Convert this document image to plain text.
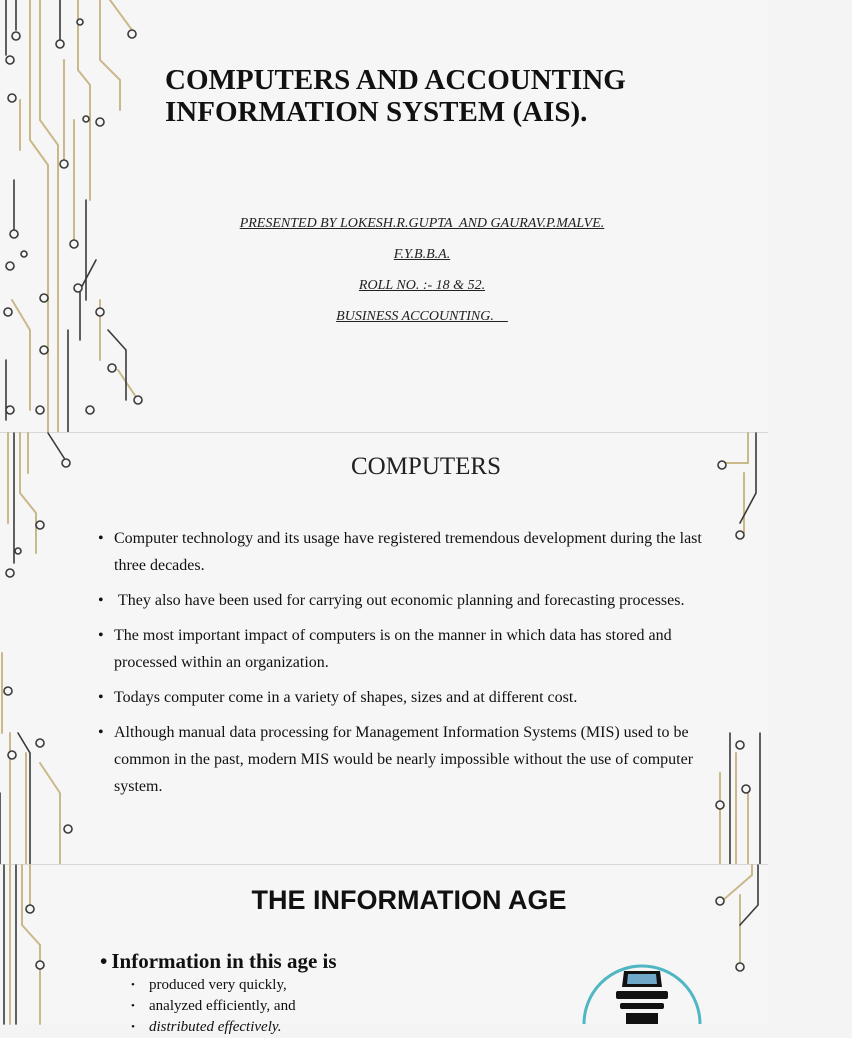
COMPUTERS AND ACCOUNTING
INFORMATION SYSTEM (AIS).
PRESENTED BY LOKESH.R.GUPTA  AND GAURAV.P.MALVE.
F.Y.B.B.A.
ROLL NO. :- 18 & 52.
BUSINESS ACCOUNTING.
COMPUTERS
• Computer technology and its usage have registered tremendous development during the last three decades.
• They also have been used for carrying out economic planning and forecasting processes.
• The most important impact of computers is on the manner in which data has stored and processed within an organization.
• Todays computer come in a variety of shapes, sizes and at different cost.
• Although manual data processing for Management Information Systems (MIS) used to be common in the past, modern MIS would be nearly impossible without the use of computer system.
THE INFORMATION AGE
• Information in this age is
• produced very quickly,
• analyzed efficiently, and
• distributed effectively.
